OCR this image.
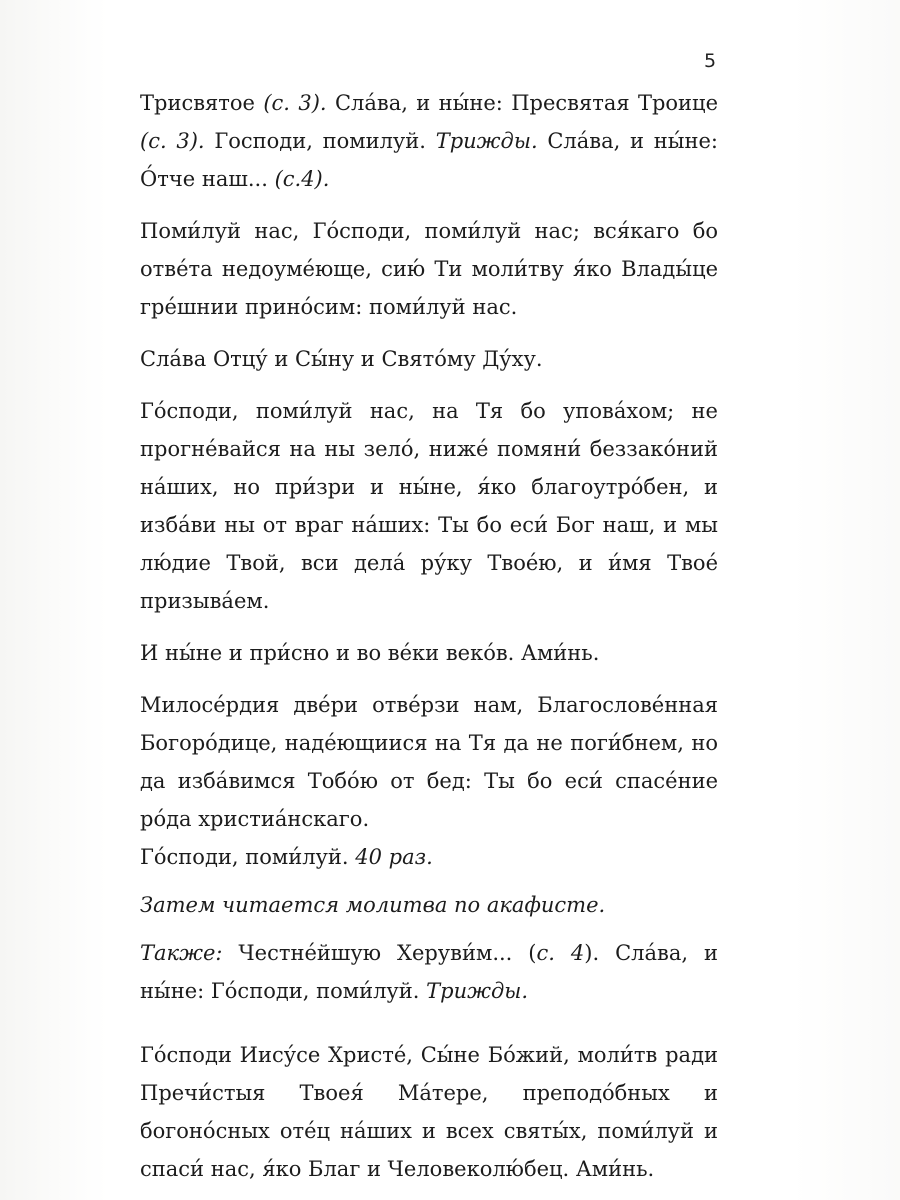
5

Трисвятое (с. 3). Сла́ва, и ны́не: Пресвятая Троице (с. 3). Господи, помилуй. Трижды. Сла́ва, и ны́не: О́тче наш... (с.4).

Поми́луй нас, Го́споди, поми́луй нас; вся́каго бо отве́та недоуме́юще, сию́ Ти моли́тву я́ко Влады́це гре́шнии прино́сим: поми́луй нас.

Сла́ва Отцу́ и Сы́ну и Свято́му Ду́ху.

Го́споди, поми́луй нас, на Тя бо упова́хом; не прогне́вайся на ны зело́, ниже́ помяни́ беззако́ний на́ших, но при́зри и ны́не, я́ко благоутро́бен, и изба́ви ны от враг на́ших: Ты бо еси́ Бог наш, и мы лю́дие Твой, вси дела́ ру́ку Твое́ю, и и́мя Твое́ призыва́ем.

И ны́не и при́сно и во ве́ки веко́в. Ами́нь.

Милосе́рдия две́ри отве́рзи нам, Благослове́нная Богоро́дице, наде́ющиися на Тя да не поги́бнем, но да изба́вимся Тобо́ю от бед: Ты бо еси́ спасе́ние ро́да христиа́нскаго.

Го́споди, поми́луй. 40 раз.

Затем читается молитва по акафисте.

Также: Честне́йшую Херуви́м... (с. 4). Сла́ва, и ны́не: Го́споди, поми́луй. Трижды.

Го́споди Иису́се Христе́, Сы́не Бо́жий, моли́тв ради Пречи́стыя Твоея́ Ма́тере, преподо́бных и богоно́сных оте́ц на́ших и всех святы́х, поми́луй и спаси́ нас, я́ко Благ и Человеколю́бец. Ами́нь.
